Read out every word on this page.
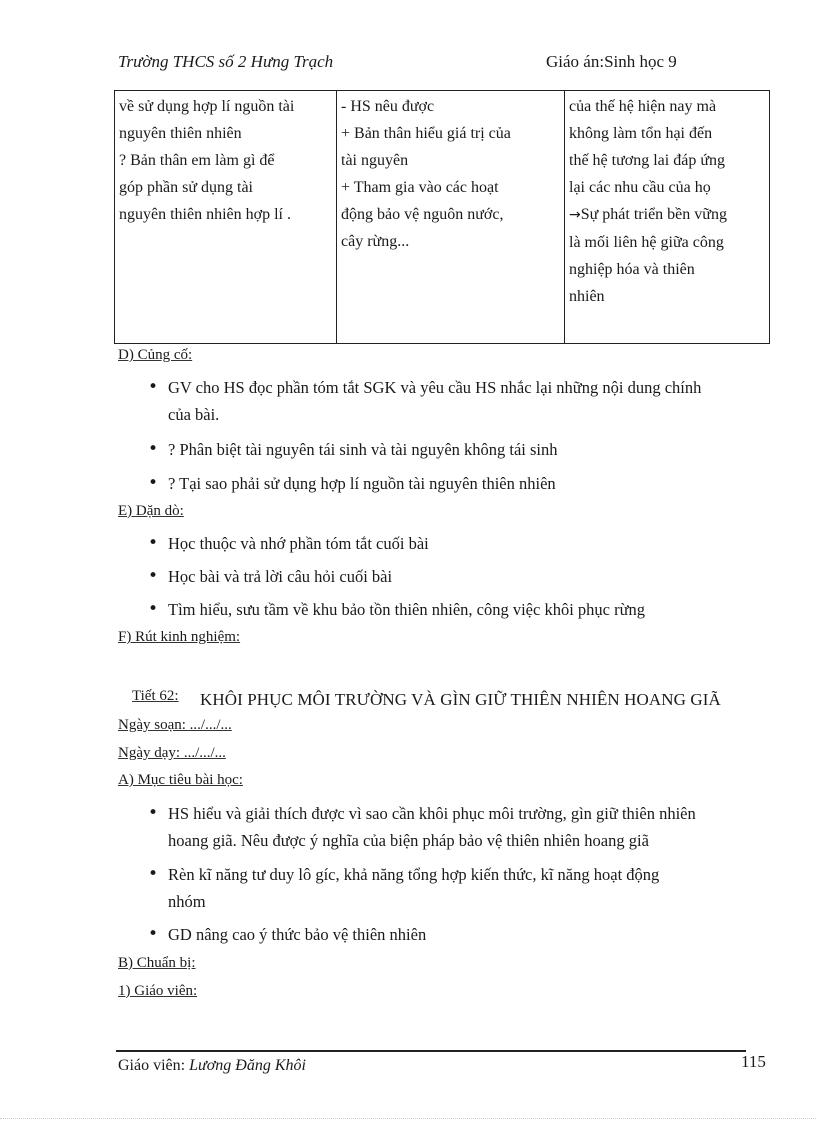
Trường THCS số 2 Hưng Trạch	Giáo án:Sinh học 9
về sử dụng hợp lí nguồn tài
nguyên thiên nhiên
? Bản thân em làm gì để
góp phần sử dụng tài
nguyên thiên nhiên hợp lí .

- HS nêu được
+ Bản thân hiểu giá trị của
tài nguyên
+ Tham gia vào các hoạt
động bảo vệ nguôn nước,
cây rừng...

của thế hệ hiện nay mà
không làm tổn hại đến
thế hệ tương lai đáp ứng
lại các nhu cầu của họ
→Sự phát triển bền vững
là mối liên hệ giữa công
nghiệp hóa và thiên
nhiên
D) Củng cố:
• GV cho HS đọc phần tóm tắt SGK và yêu cầu HS nhắc lại những nội dung chính
của bài.
• ? Phân biệt tài nguyên tái sinh và tài nguyên không tái sinh
• ? Tại sao phải sử dụng hợp lí nguồn tài nguyên thiên nhiên
E) Dặn dò:
• Học thuộc và nhớ phần tóm tắt cuối bài
• Học bài và trả lời câu hỏi cuối bài
• Tìm hiểu, sưu tầm về khu bảo tồn thiên nhiên, công việc khôi phục rừng
F) Rút kinh nghiệm:
Tiết 62: KHÔI PHỤC MÔI TRƯỜNG VÀ GÌN GIỮ THIÊN NHIÊN HOANG GIÃ
Ngày soạn: .../.../...
Ngày dạy: .../.../...
A) Mục tiêu bài học:
• HS hiểu và giải thích được vì sao cần khôi phục môi trường, gìn giữ thiên nhiên
hoang giã. Nêu được ý nghĩa của biện pháp bảo vệ thiên nhiên hoang giã
• Rèn kĩ năng tư duy lô gíc, khả năng tổng hợp kiến thức, kĩ năng hoạt động
nhóm
• GD nâng cao ý thức bảo vệ thiên nhiên
B) Chuẩn bị:
1) Giáo viên:
Giáo viên: Lương Đăng Khôi	115
